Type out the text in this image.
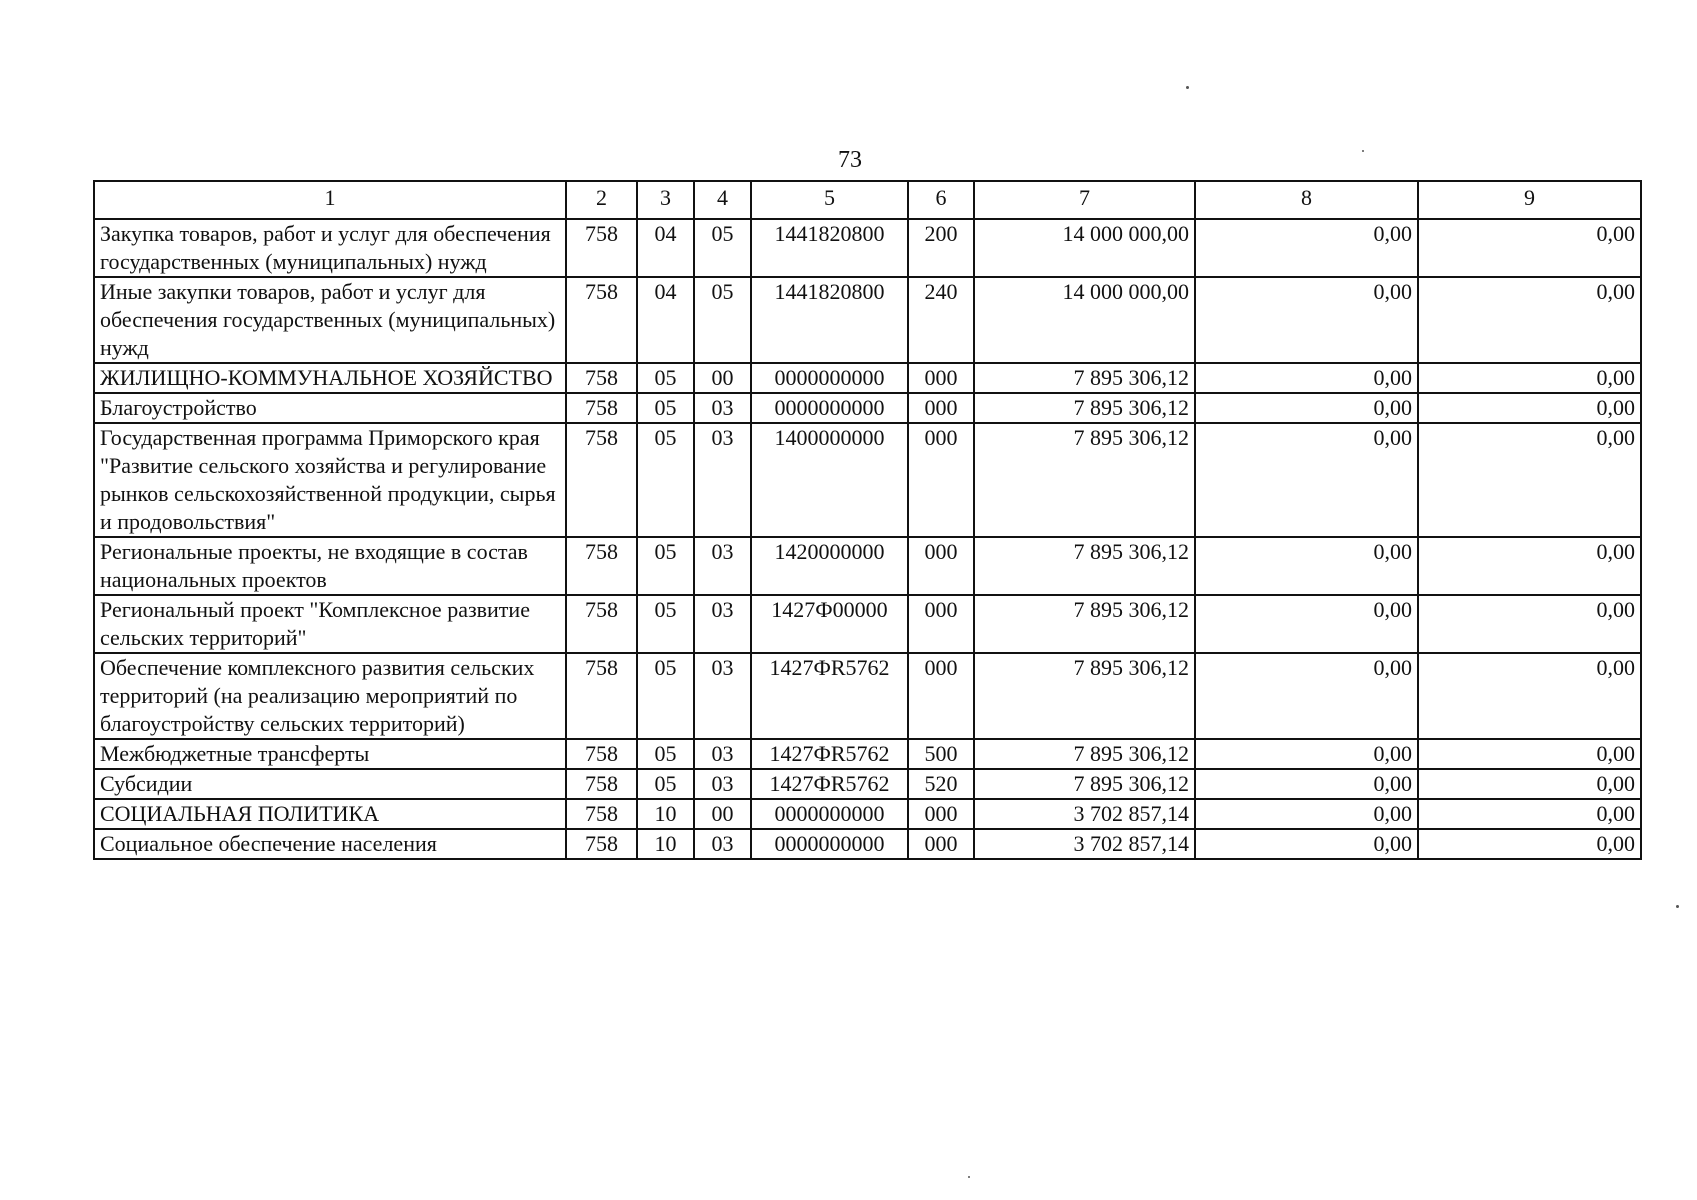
73
1	2	3	4	5	6	7	8	9
Закупка товаров, работ и услуг для обеспечения государственных (муниципальных) нужд	758	04	05	1441820800	200	14 000 000,00	0,00	0,00
Иные закупки товаров, работ и услуг для обеспечения государственных (муниципальных) нужд	758	04	05	1441820800	240	14 000 000,00	0,00	0,00
ЖИЛИЩНО-КОММУНАЛЬНОЕ ХОЗЯЙСТВО	758	05	00	0000000000	000	7 895 306,12	0,00	0,00
Благоустройство	758	05	03	0000000000	000	7 895 306,12	0,00	0,00
Государственная программа Приморского края "Развитие сельского хозяйства и регулирование рынков сельскохозяйственной продукции, сырья и продовольствия"	758	05	03	1400000000	000	7 895 306,12	0,00	0,00
Региональные проекты, не входящие в состав национальных проектов	758	05	03	1420000000	000	7 895 306,12	0,00	0,00
Региональный проект "Комплексное развитие сельских территорий"	758	05	03	1427Ф00000	000	7 895 306,12	0,00	0,00
Обеспечение комплексного развития сельских территорий (на реализацию мероприятий по благоустройству сельских территорий)	758	05	03	1427ФR5762	000	7 895 306,12	0,00	0,00
Межбюджетные трансферты	758	05	03	1427ФR5762	500	7 895 306,12	0,00	0,00
Субсидии	758	05	03	1427ФR5762	520	7 895 306,12	0,00	0,00
СОЦИАЛЬНАЯ ПОЛИТИКА	758	10	00	0000000000	000	3 702 857,14	0,00	0,00
Социальное обеспечение населения	758	10	03	0000000000	000	3 702 857,14	0,00	0,00
